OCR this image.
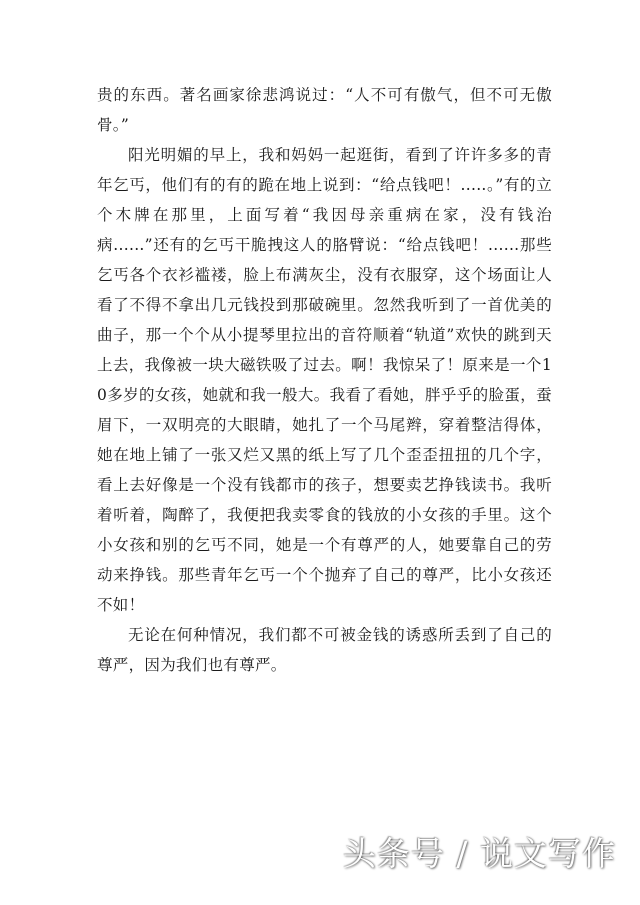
贵的东西。著名画家徐悲鸿说过：“人不可有傲气，但不可无傲骨。”

阳光明媚的早上，我和妈妈一起逛街，看到了许许多多的青年乞丐，他们有的有的跪在地上说到：“给点钱吧！.....。”有的立个木牌在那里，上面写着“我因母亲重病在家，没有钱治病......”还有的乞丐干脆拽这人的胳臂说：“给点钱吧！......那些乞丐各个衣衫褴褛，脸上布满灰尘，没有衣服穿，这个场面让人看了不得不拿出几元钱投到那破碗里。忽然我听到了一首优美的曲子，那一个个从小提琴里拉出的音符顺着“轨道”欢快的跳到天上去，我像被一块大磁铁吸了过去。啊！我惊呆了！原来是一个10多岁的女孩，她就和我一般大。我看了看她，胖乎乎的脸蛋，蚕眉下，一双明亮的大眼睛，她扎了一个马尾辫，穿着整洁得体，她在地上铺了一张又烂又黑的纸上写了几个歪歪扭扭的几个字，看上去好像是一个没有钱都市的孩子，想要卖艺挣钱读书。我听着听着，陶醉了，我便把我卖零食的钱放的小女孩的手里。这个小女孩和别的乞丐不同，她是一个有尊严的人，她要靠自己的劳动来挣钱。那些青年乞丐一个个抛弃了自己的尊严，比小女孩还不如！

无论在何种情况，我们都不可被金钱的诱惑所丢到了自己的尊严，因为我们也有尊严。

头条号 / 说文写作
